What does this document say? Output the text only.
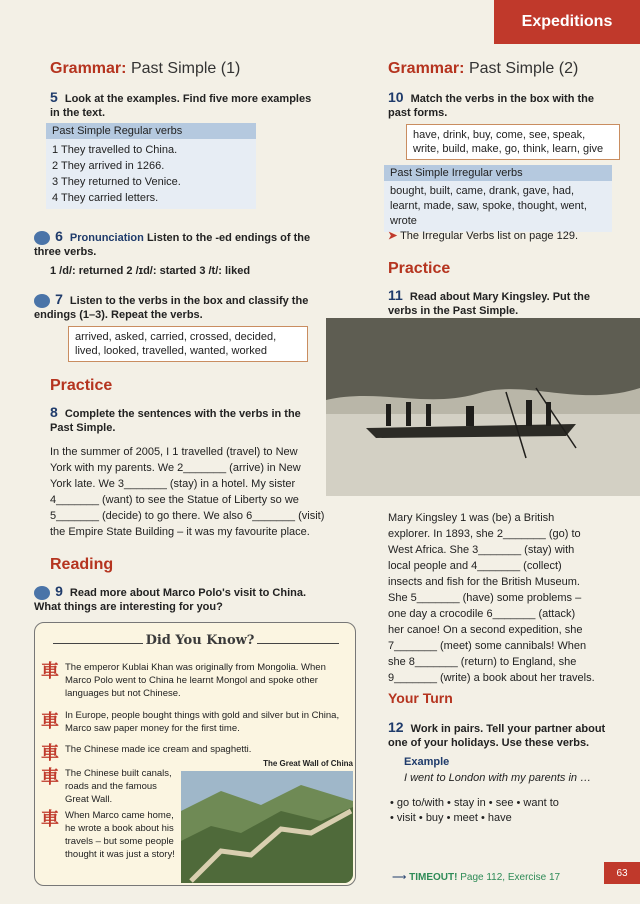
Expeditions
Grammar: Past Simple (1)
5 Look at the examples. Find five more examples in the text.
Past Simple Regular verbs
1 They travelled to China.
2 They arrived in 1266.
3 They returned to Venice.
4 They carried letters.
6 Pronunciation Listen to the -ed endings of the three verbs.
1 /d/: returned 2 /ɪd/: started 3 /t/: liked
7 Listen to the verbs in the box and classify the endings (1–3). Repeat the verbs.
arrived, asked, carried, crossed, decided, lived, looked, travelled, wanted, worked
Practice
8 Complete the sentences with the verbs in the Past Simple.
In the summer of 2005, I 1 travelled (travel) to New
York with my parents. We 2_______ (arrive) in New
York late. We 3_______ (stay) in a hotel. My sister
4_______ (want) to see the Statue of Liberty so we
5_______ (decide) to go there. We also 6_______ (visit)
the Empire State Building – it was my favourite place.
Reading
9 Read more about Marco Polo's visit to China. What things are interesting for you?
Did You Know?
車 The emperor Kublai Khan was originally from Mongolia. When Marco Polo went to China he learnt Mongol and spoke other languages but not Chinese.
車 In Europe, people bought things with gold and silver but in China, Marco saw paper money for the first time.
車 The Chinese made ice cream and spaghetti.
車 The Chinese built canals, roads and the famous Great Wall.
車 When Marco came home, he wrote a book about his travels – but some people thought it was just a story!
The Great Wall of China
Grammar: Past Simple (2)
10 Match the verbs in the box with the past forms.
have, drink, buy, come, see, speak, write, build, make, go, think, learn, give
Past Simple Irregular verbs
bought, built, came, drank, gave, had, learnt, made, saw, spoke, thought, went, wrote
➤ The Irregular Verbs list on page 129.
Practice
11 Read about Mary Kingsley. Put the verbs in the Past Simple.
Mary Kingsley 1 was (be) a British
explorer. In 1893, she 2_______ (go) to
West Africa. She 3_______ (stay) with
local people and 4_______ (collect)
insects and fish for the British Museum.
She 5_______ (have) some problems –
one day a crocodile 6_______ (attack)
her canoe! On a second expedition, she
7_______ (meet) some cannibals! When
she 8_______ (return) to England, she
9_______ (write) a book about her travels.
Your Turn
12 Work in pairs. Tell your partner about one of your holidays. Use these verbs.
Example
I went to London with my parents in …
• go to/with • stay in • see • want to
• visit • buy • meet • have
⟶ TIMEOUT! Page 112, Exercise 17	63
